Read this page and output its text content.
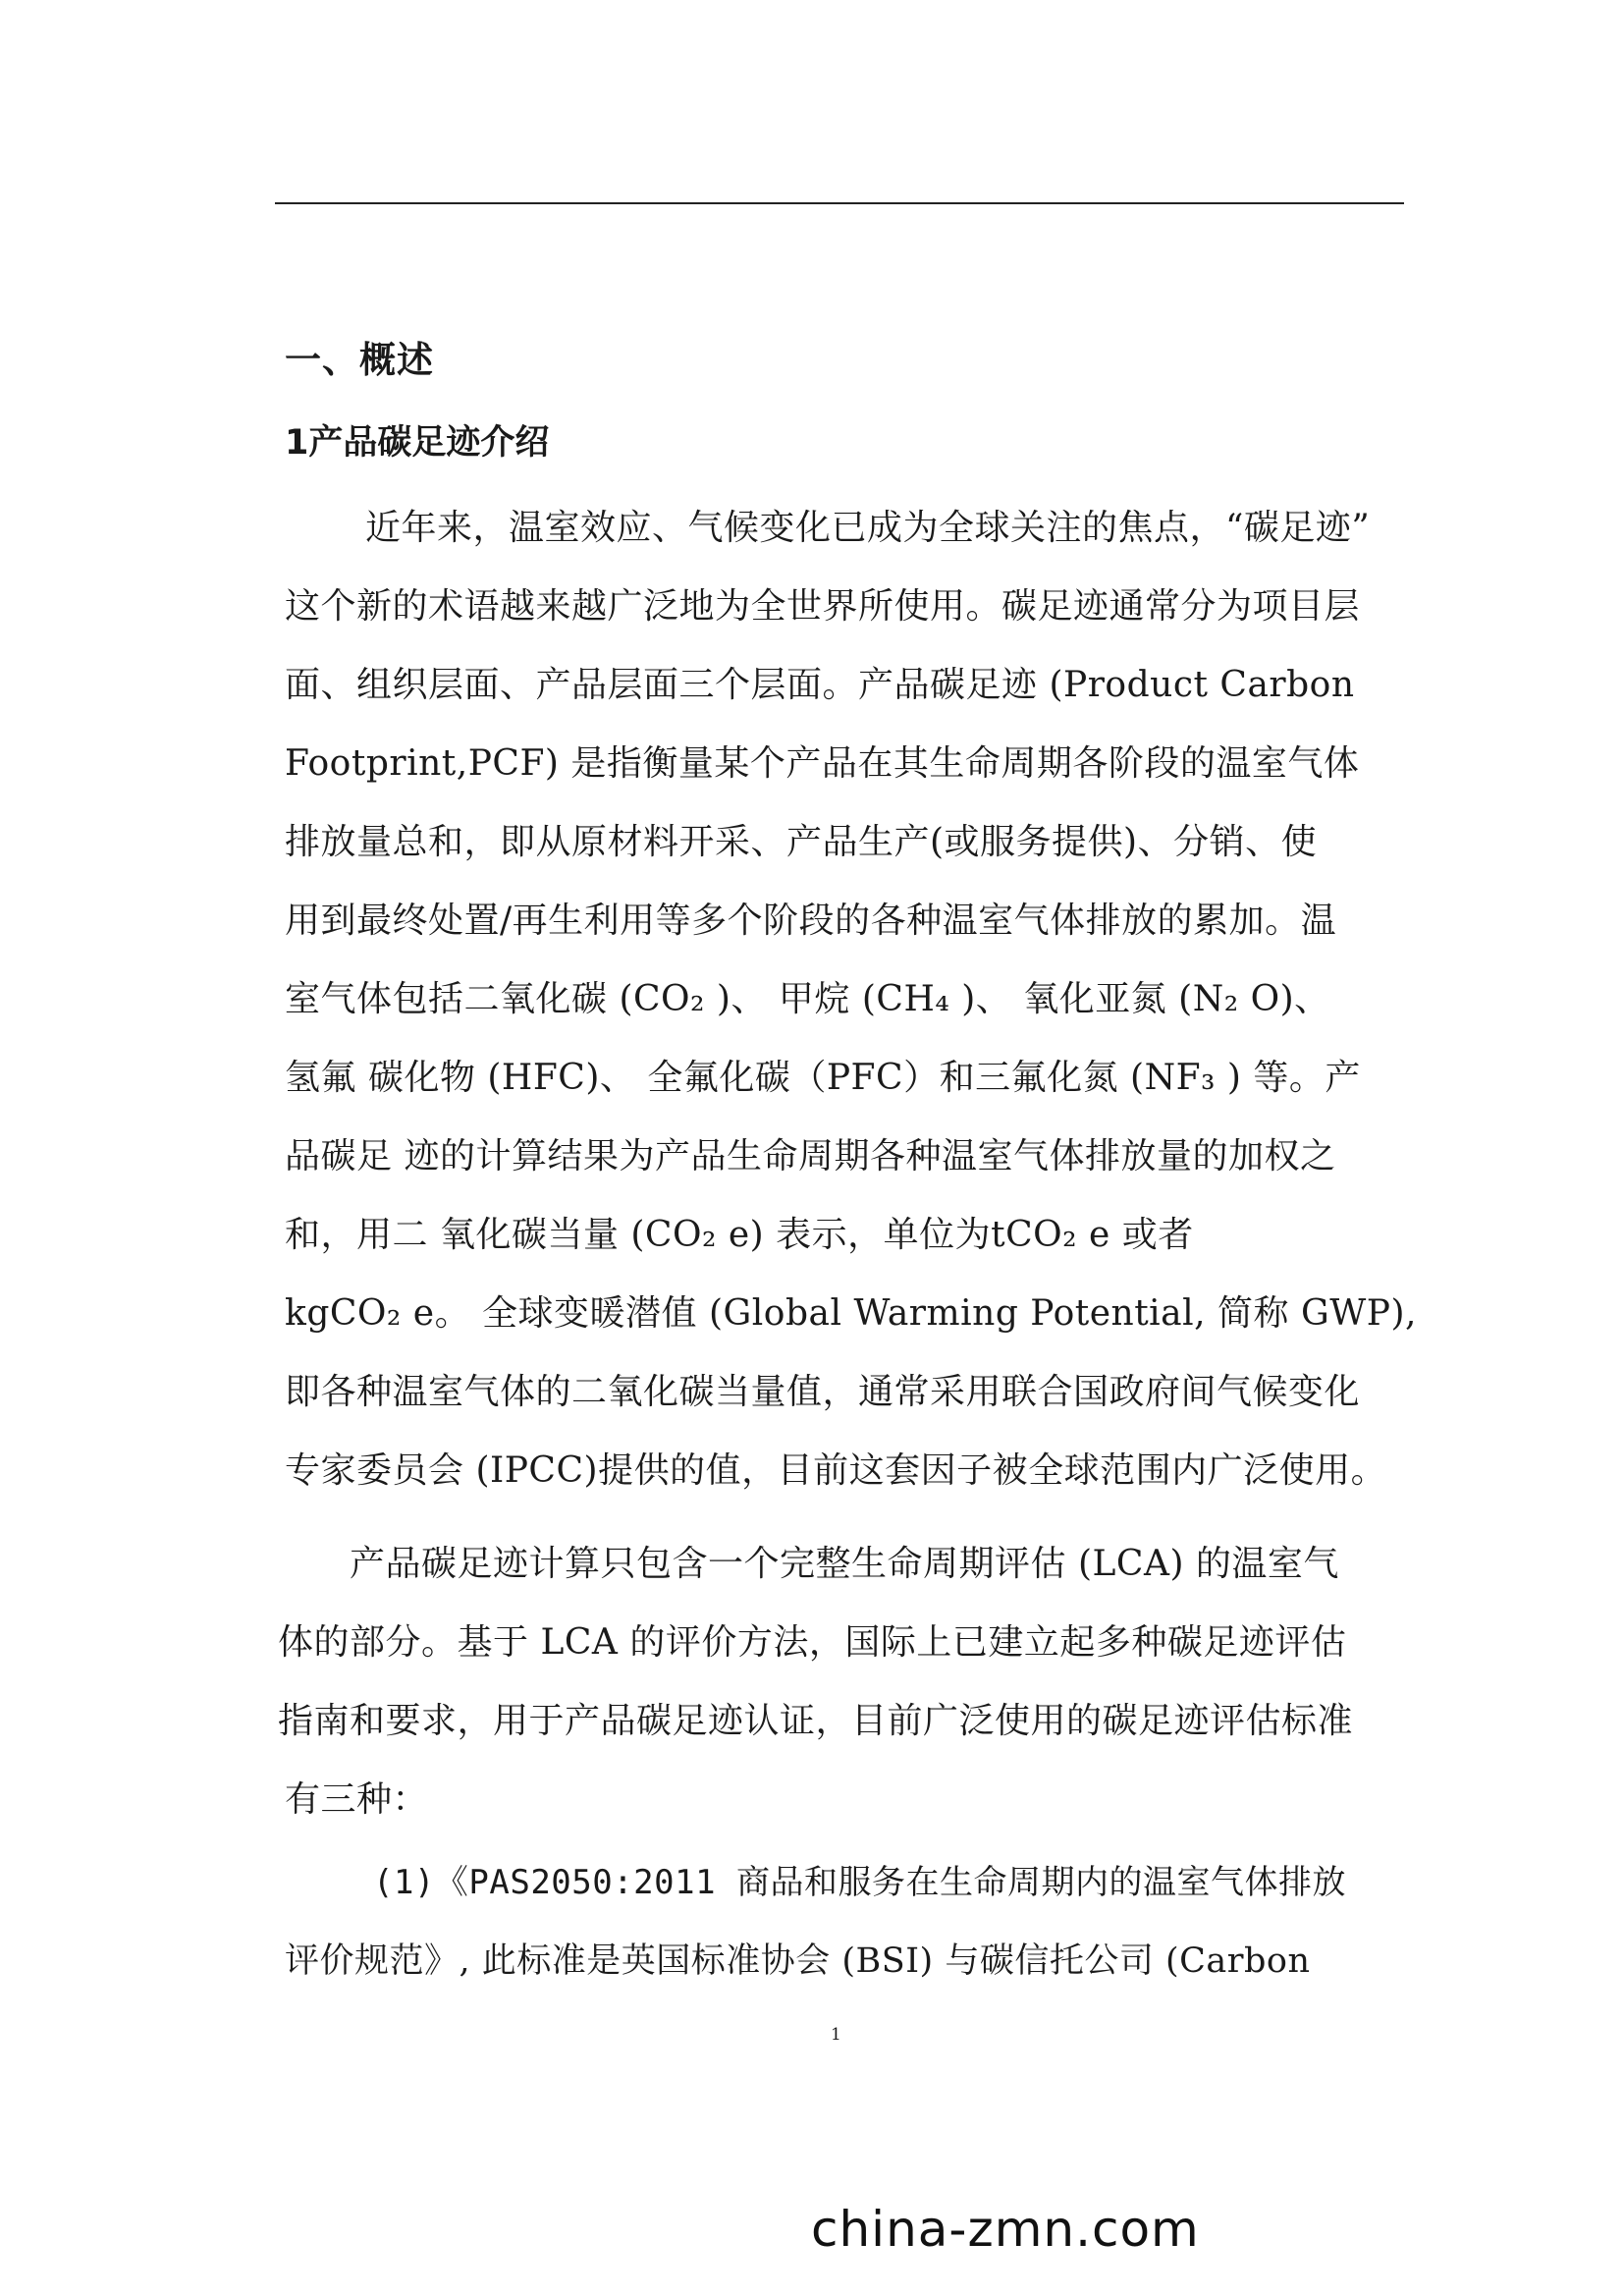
一、概述
1产品碳足迹介绍
近年来，温室效应、气候变化已成为全球关注的焦点，“碳足迹”
这个新的术语越来越广泛地为全世界所使用。碳足迹通常分为项目层
面、组织层面、产品层面三个层面。产品碳足迹 (Product Carbon
Footprint,PCF) 是指衡量某个产品在其生命周期各阶段的温室气体
排放量总和，即从原材料开采、产品生产(或服务提供)、分销、使
用到最终处置/再生利用等多个阶段的各种温室气体排放的累加。温
室气体包括二氧化碳 (CO₂ )、 甲烷 (CH₄ )、 氧化亚氮 (N₂ O)、
氢氟 碳化物 (HFC)、 全氟化碳（PFC）和三氟化氮 (NF₃ ) 等。产
品碳足 迹的计算结果为产品生命周期各种温室气体排放量的加权之
和，用二 氧化碳当量 (CO₂ e) 表示，单位为tCO₂ e 或者
kgCO₂ e。 全球变暖潜值 (Global Warming Potential, 简称 GWP),
即各种温室气体的二氧化碳当量值，通常采用联合国政府间气候变化
专家委员会 (IPCC)提供的值，目前这套因子被全球范围内广泛使用。
产品碳足迹计算只包含一个完整生命周期评估 (LCA) 的温室气
体的部分。基于 LCA 的评价方法，国际上已建立起多种碳足迹评估
指南和要求，用于产品碳足迹认证，目前广泛使用的碳足迹评估标准
有三种：
(1)《PAS2050:2011 商品和服务在生命周期内的温室气体排放
评价规范》, 此标准是英国标准协会 (BSI) 与碳信托公司 (Carbon
1
china-zmn.com
